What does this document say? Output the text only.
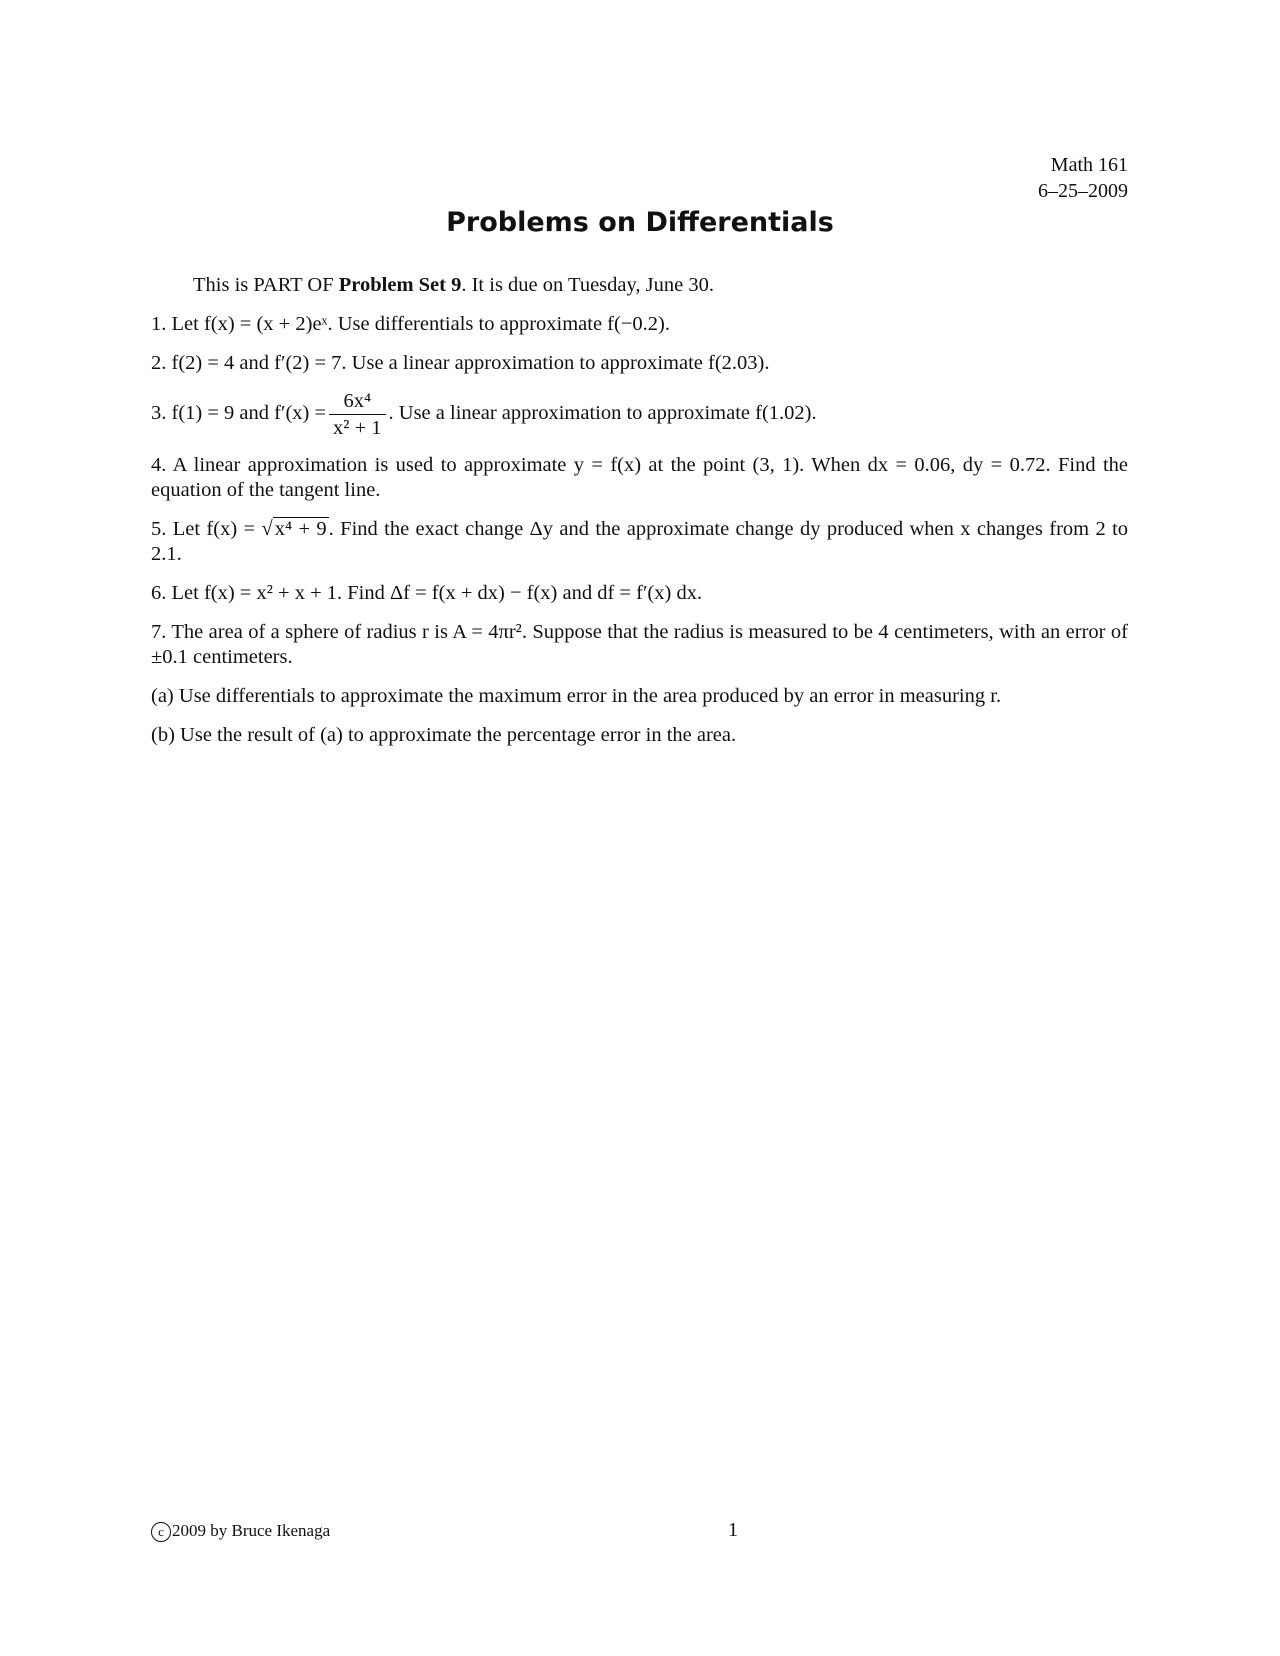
Math 161
6–25–2009
Problems on Differentials

This is PART OF Problem Set 9. It is due on Tuesday, June 30.

1. Let f(x) = (x + 2)eˣ. Use differentials to approximate f(−0.2).

2. f(2) = 4 and f′(2) = 7. Use a linear approximation to approximate f(2.03).

3. f(1) = 9 and $f'(x) = \frac{\text{6x⁴}}{\text{x² + 1}}$ . Use a linear approximation to approximate f(1.02).

4. A linear approximation is used to approximate y = f(x) at the point (3, 1). When dx = 0.06, dy = 0.72. Find the equation of the tangent line.

5. Let f(x) = √x⁴ + 9. Find the exact change Δy and the approximate change dy produced when x changes from 2 to 2.1.

6. Let f(x) = x² + x + 1. Find Δf = f(x + dx) − f(x) and df = f′(x) dx.

7. The area of a sphere of radius r is A = 4πr². Suppose that the radius is measured to be 4 centimeters, with an error of ±0.1 centimeters.

(a) Use differentials to approximate the maximum error in the area produced by an error in measuring r.

(b) Use the result of (a) to approximate the percentage error in the area.

c 2009 by Bruce Ikenaga	1
